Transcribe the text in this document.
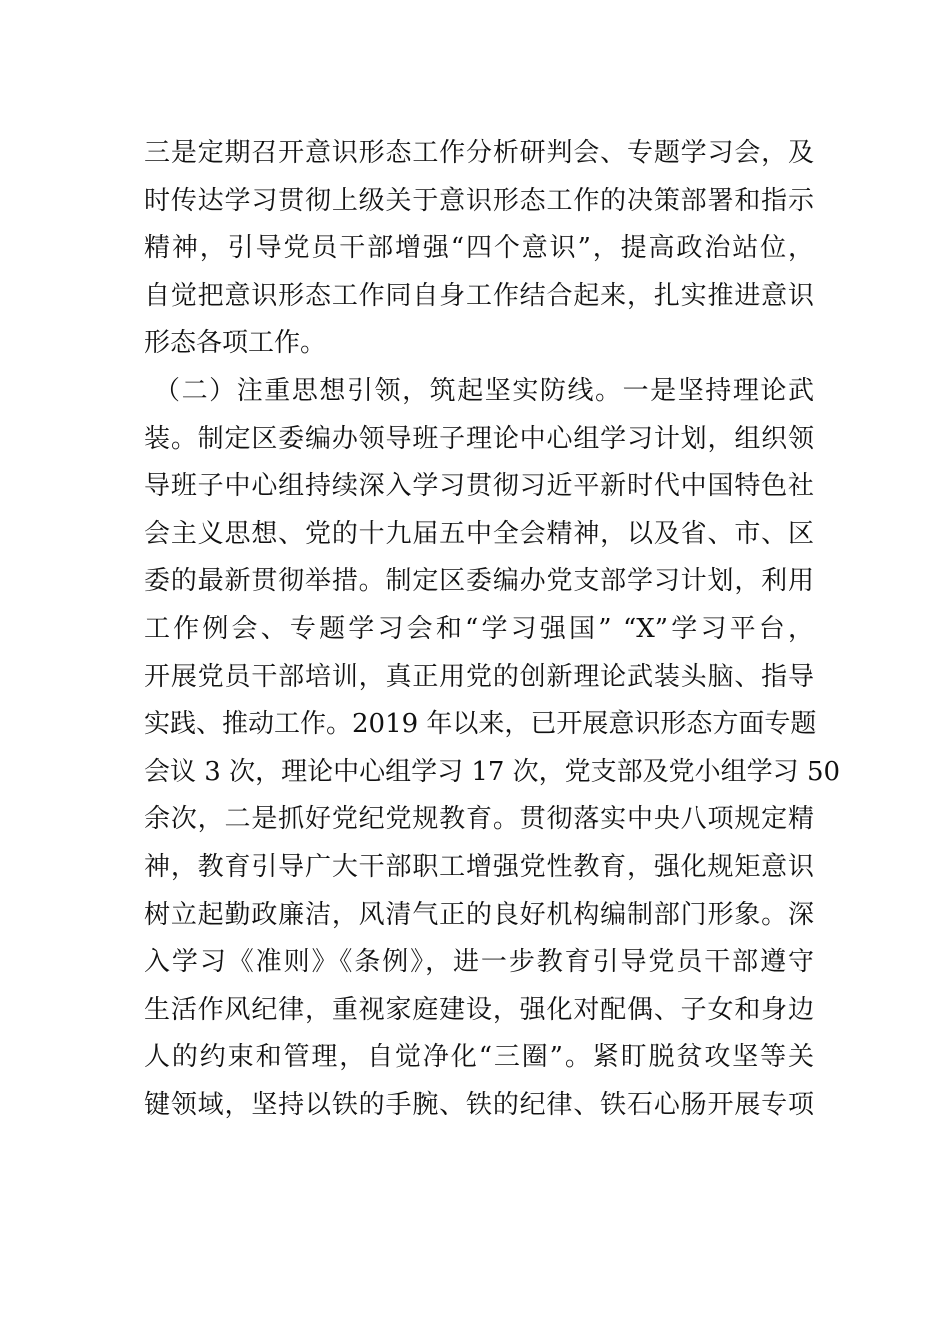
三是定期召开意识形态工作分析研判会、专题学习会，及
时传达学习贯彻上级关于意识形态工作的决策部署和指示
精神，引导党员干部增强“四个意识”，提高政治站位，
自觉把意识形态工作同自身工作结合起来，扎实推进意识
形态各项工作。
（二）注重思想引领，筑起坚实防线。一是坚持理论武
装。制定区委编办领导班子理论中心组学习计划，组织领
导班子中心组持续深入学习贯彻习近平新时代中国特色社
会主义思想、党的十九届五中全会精神，以及省、市、区
委的最新贯彻举措。制定区委编办党支部学习计划，利用
工作例会、专题学习会和“学习强国” “X”学习平台，
开展党员干部培训，真正用党的创新理论武装头脑、指导
实践、推动工作。2019 年以来，已开展意识形态方面专题
会议 3 次，理论中心组学习 17 次，党支部及党小组学习 50
余次，二是抓好党纪党规教育。贯彻落实中央八项规定精
神，教育引导广大干部职工增强党性教育，强化规矩意识
树立起勤政廉洁，风清气正的良好机构编制部门形象。深
入学习《准则》《条例》，进一步教育引导党员干部遵守
生活作风纪律，重视家庭建设，强化对配偶、子女和身边
人的约束和管理，自觉净化“三圈”。紧盯脱贫攻坚等关
键领域，坚持以铁的手腕、铁的纪律、铁石心肠开展专项
